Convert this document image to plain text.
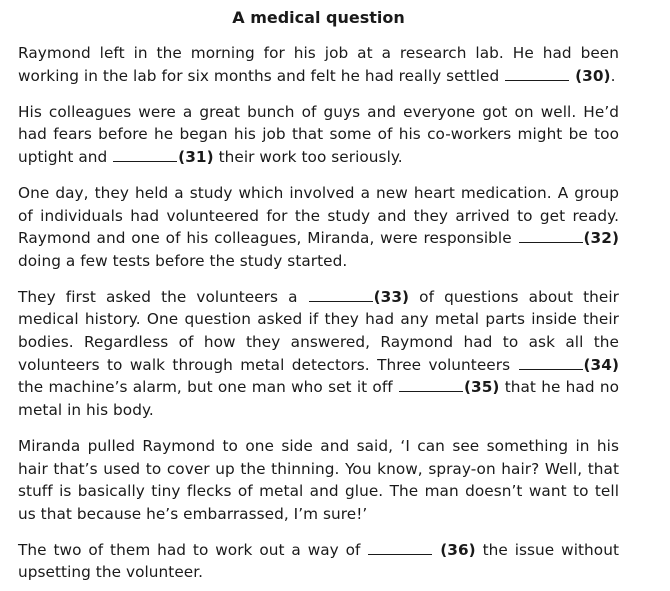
A medical question

Raymond left in the morning for his job at a research lab. He had been working in the lab for six months and felt he had really settled	(30).

His colleagues were a great bunch of guys and everyone got on well. He’d had fears before he began his job that some of his co-workers might be too uptight and	(31) their work too seriously.

One day, they held a study which involved a new heart medication. A group of individuals had volunteered for the study and they arrived to get ready. Raymond and one of his colleagues, Miranda, were responsible	(32) doing a few tests before the study started.

They first asked the volunteers a	(33) of questions about their medical history. One question asked if they had any metal parts inside their bodies. Regardless of how they answered, Raymond had to ask all the volunteers to walk through metal detectors. Three volunteers	(34) the machine’s alarm, but one man who set it off	(35) that he had no metal in his body.

Miranda pulled Raymond to one side and said, ‘I can see something in his hair that’s used to cover up the thinning. You know, spray-on hair? Well, that stuff is basically tiny flecks of metal and glue. The man doesn’t want to tell us that because he’s embarrassed, I’m sure!’

The two of them had to work out a way of	(36) the issue without upsetting the volunteer.
